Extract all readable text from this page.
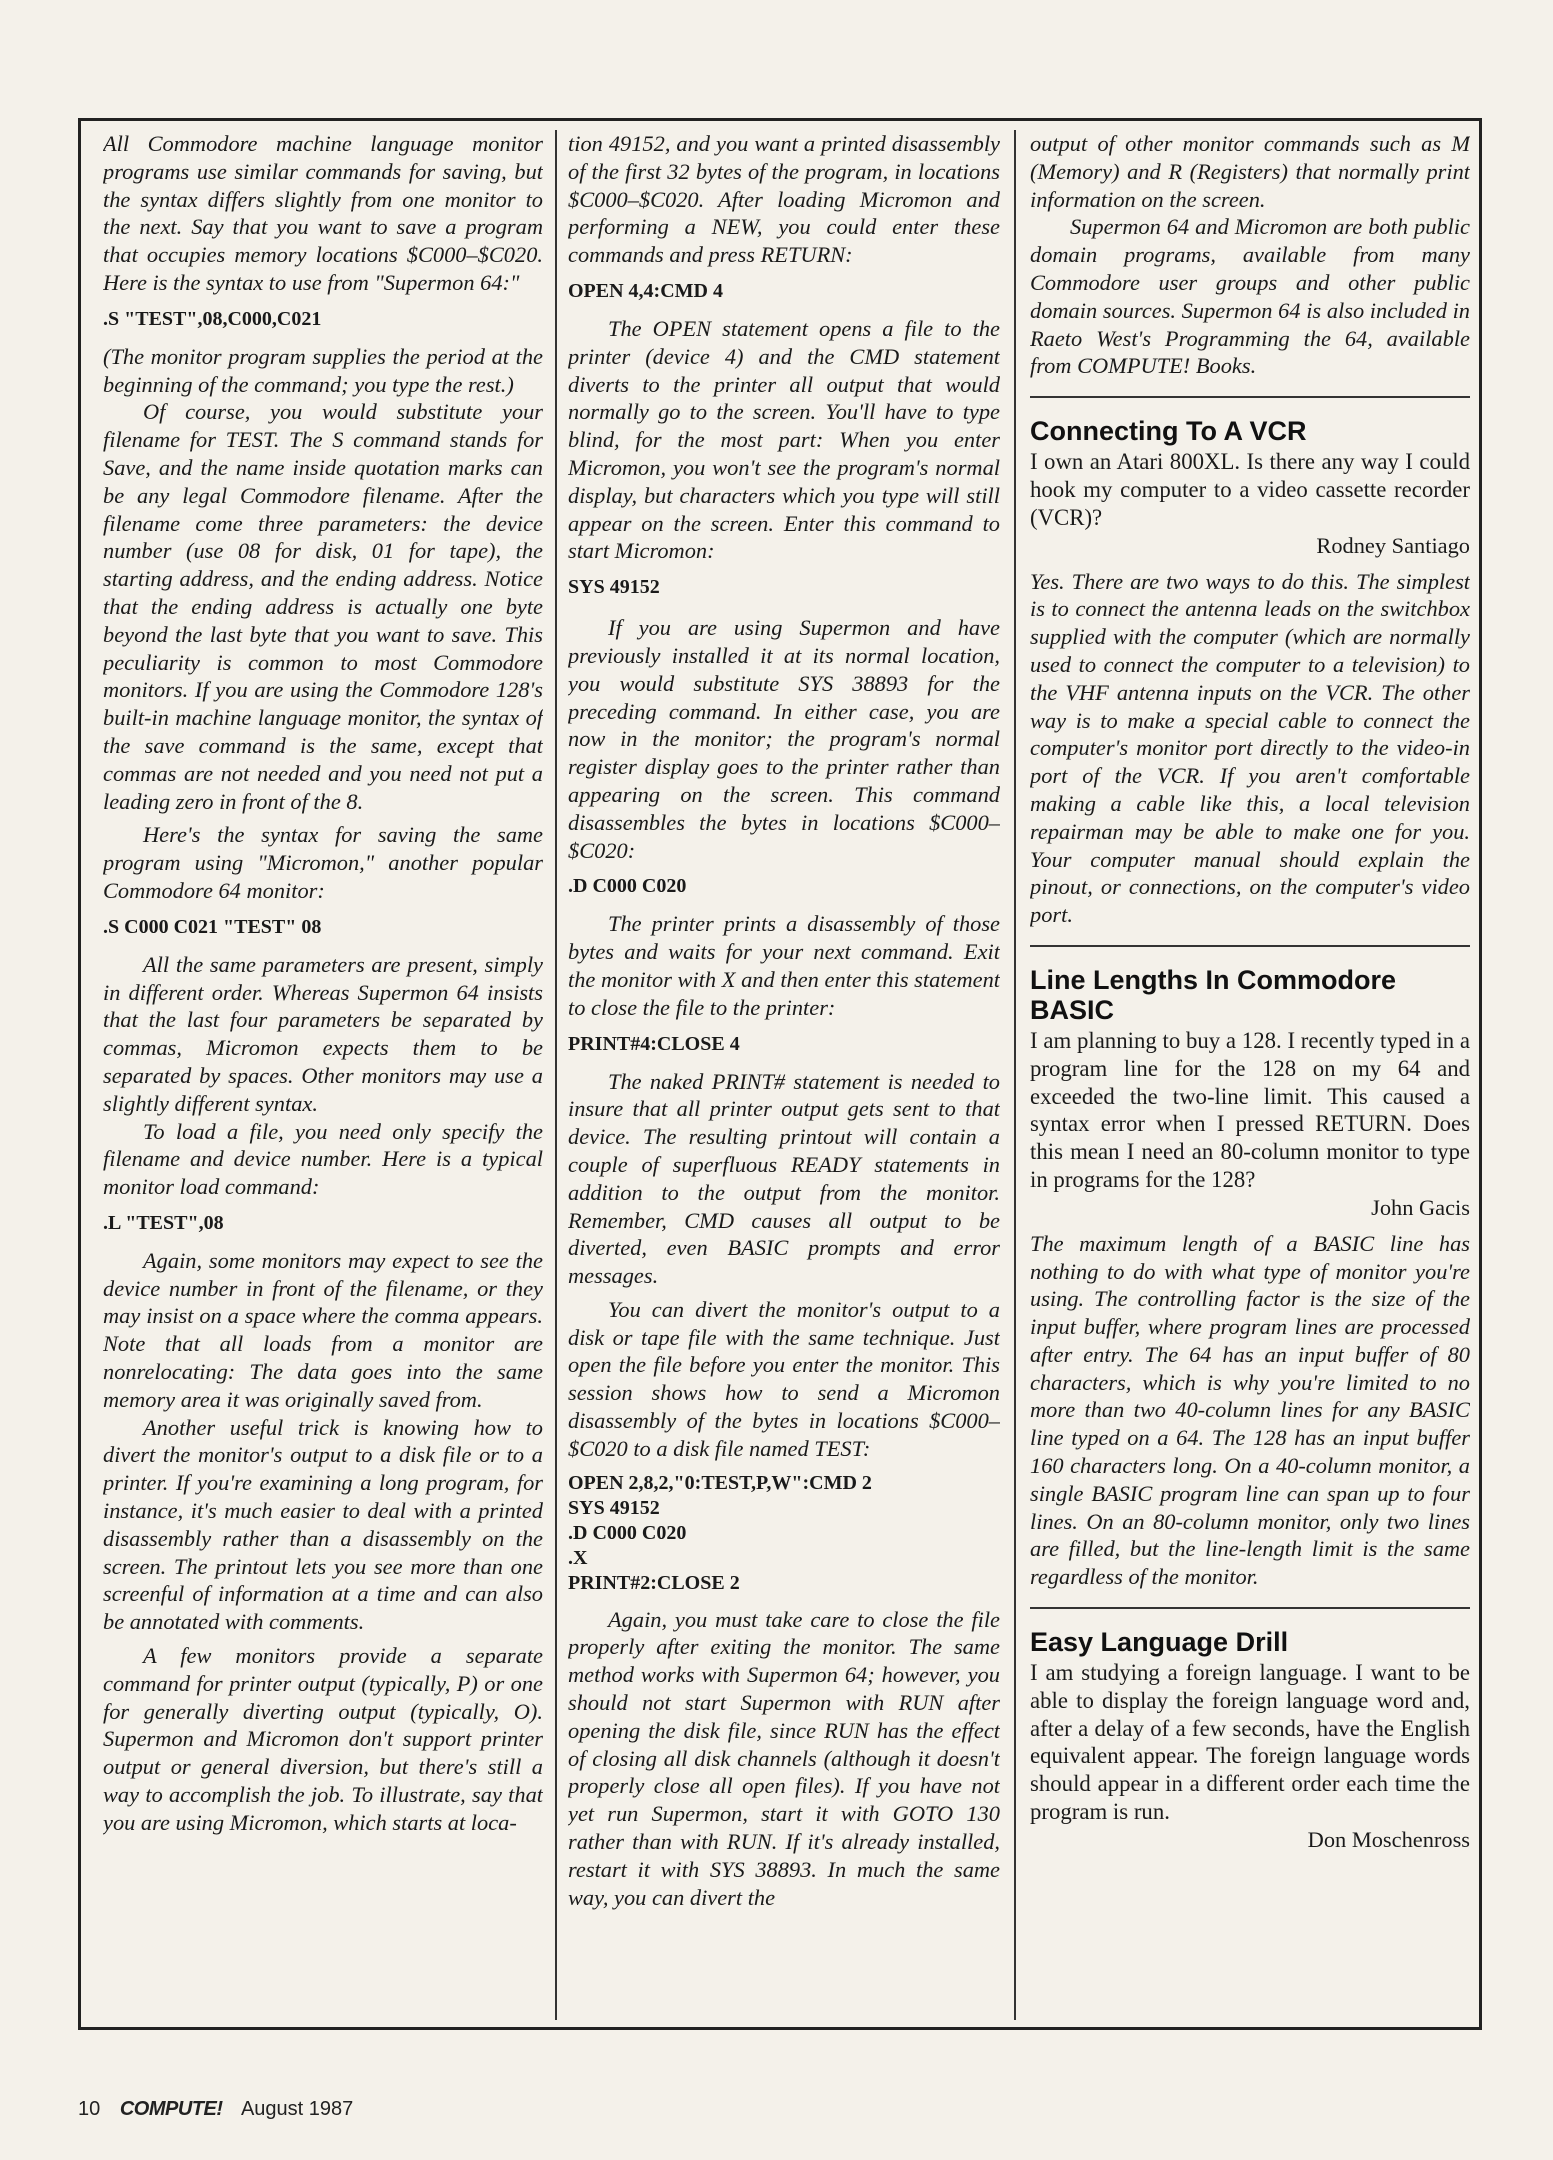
All Commodore machine language monitor programs use similar commands for saving, but the syntax differs slightly from one monitor to the next. Say that you want to save a program that occupies memory locations $C000–$C020. Here is the syntax to use from "Supermon 64:"

.S "TEST",08,C000,C021

(The monitor program supplies the period at the beginning of the command; you type the rest.)

Of course, you would substitute your filename for TEST. The S command stands for Save, and the name inside quotation marks can be any legal Commodore filename. After the filename come three parameters: the device number (use 08 for disk, 01 for tape), the starting address, and the ending address. Notice that the ending address is actually one byte beyond the last byte that you want to save. This peculiarity is common to most Commodore monitors. If you are using the Commodore 128's built-in machine language monitor, the syntax of the save command is the same, except that commas are not needed and you need not put a leading zero in front of the 8.

Here's the syntax for saving the same program using "Micromon," another popular Commodore 64 monitor:

.S C000 C021 "TEST" 08

All the same parameters are present, simply in different order. Whereas Supermon 64 insists that the last four parameters be separated by commas, Micromon expects them to be separated by spaces. Other monitors may use a slightly different syntax.

To load a file, you need only specify the filename and device number. Here is a typical monitor load command:

.L "TEST",08

Again, some monitors may expect to see the device number in front of the filename, or they may insist on a space where the comma appears. Note that all loads from a monitor are nonrelocating: The data goes into the same memory area it was originally saved from.

Another useful trick is knowing how to divert the monitor's output to a disk file or to a printer. If you're examining a long program, for instance, it's much easier to deal with a printed disassembly rather than a disassembly on the screen. The printout lets you see more than one screenful of information at a time and can also be annotated with comments.

A few monitors provide a separate command for printer output (typically, P) or one for generally diverting output (typically, O). Supermon and Micromon don't support printer output or general diversion, but there's still a way to accomplish the job. To illustrate, say that you are using Micromon, which starts at loca-

tion 49152, and you want a printed disassembly of the first 32 bytes of the program, in locations $C000–$C020. After loading Micromon and performing a NEW, you could enter these commands and press RETURN:

OPEN 4,4:CMD 4

The OPEN statement opens a file to the printer (device 4) and the CMD statement diverts to the printer all output that would normally go to the screen. You'll have to type blind, for the most part: When you enter Micromon, you won't see the program's normal display, but characters which you type will still appear on the screen. Enter this command to start Micromon:

SYS 49152

If you are using Supermon and have previously installed it at its normal location, you would substitute SYS 38893 for the preceding command. In either case, you are now in the monitor; the program's normal register display goes to the printer rather than appearing on the screen. This command disassembles the bytes in locations $C000–$C020:

.D C000 C020

The printer prints a disassembly of those bytes and waits for your next command. Exit the monitor with X and then enter this statement to close the file to the printer:

PRINT#4:CLOSE 4

The naked PRINT# statement is needed to insure that all printer output gets sent to that device. The resulting printout will contain a couple of superfluous READY statements in addition to the output from the monitor. Remember, CMD causes all output to be diverted, even BASIC prompts and error messages.

You can divert the monitor's output to a disk or tape file with the same technique. Just open the file before you enter the monitor. This session shows how to send a Micromon disassembly of the bytes in locations $C000–$C020 to a disk file named TEST:

OPEN 2,8,2,"0:TEST,P,W":CMD 2
SYS 49152
.D C000 C020
.X
PRINT#2:CLOSE 2

Again, you must take care to close the file properly after exiting the monitor. The same method works with Supermon 64; however, you should not start Supermon with RUN after opening the disk file, since RUN has the effect of closing all disk channels (although it doesn't properly close all open files). If you have not yet run Supermon, start it with GOTO 130 rather than with RUN. If it's already installed, restart it with SYS 38893. In much the same way, you can divert the

output of other monitor commands such as M (Memory) and R (Registers) that normally print information on the screen.

Supermon 64 and Micromon are both public domain programs, available from many Commodore user groups and other public domain sources. Supermon 64 is also included in Raeto West's Programming the 64, available from COMPUTE! Books.

Connecting To A VCR

I own an Atari 800XL. Is there any way I could hook my computer to a video cassette recorder (VCR)?

Rodney Santiago

Yes. There are two ways to do this. The simplest is to connect the antenna leads on the switchbox supplied with the computer (which are normally used to connect the computer to a television) to the VHF antenna inputs on the VCR. The other way is to make a special cable to connect the computer's monitor port directly to the video-in port of the VCR. If you aren't comfortable making a cable like this, a local television repairman may be able to make one for you. Your computer manual should explain the pinout, or connections, on the computer's video port.

Line Lengths In Commodore BASIC

I am planning to buy a 128. I recently typed in a program line for the 128 on my 64 and exceeded the two-line limit. This caused a syntax error when I pressed RETURN. Does this mean I need an 80-column monitor to type in programs for the 128?

John Gacis

The maximum length of a BASIC line has nothing to do with what type of monitor you're using. The controlling factor is the size of the input buffer, where program lines are processed after entry. The 64 has an input buffer of 80 characters, which is why you're limited to no more than two 40-column lines for any BASIC line typed on a 64. The 128 has an input buffer 160 characters long. On a 40-column monitor, a single BASIC program line can span up to four lines. On an 80-column monitor, only two lines are filled, but the line-length limit is the same regardless of the monitor.

Easy Language Drill

I am studying a foreign language. I want to be able to display the foreign language word and, after a delay of a few seconds, have the English equivalent appear. The foreign language words should appear in a different order each time the program is run.

Don Moschenross

10 COMPUTE! August 1987
